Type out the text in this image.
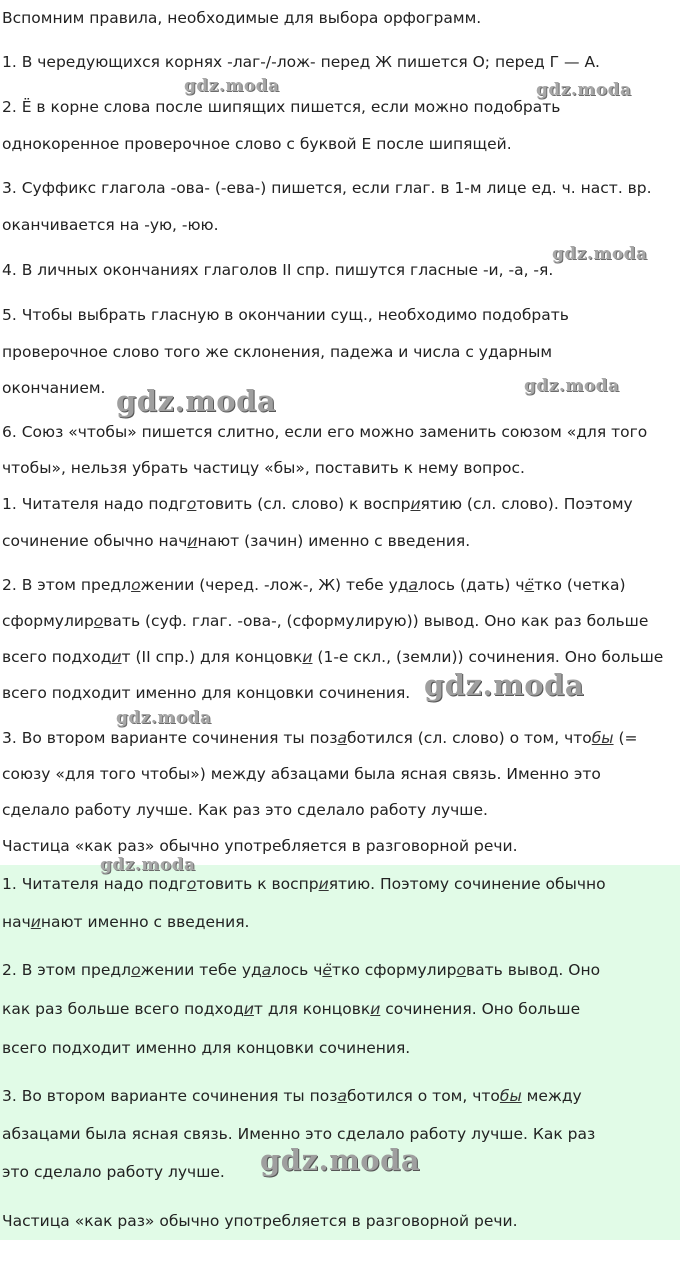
Вспомним правила, необходимые для выбора орфограмм.
1. В чередующихся корнях -лаг-/-лож- перед Ж пишется О; перед Г — А.
2. Ё в корне слова после шипящих пишется, если можно подобрать
однокоренное проверочное слово с буквой Е после шипящей.
3. Суффикс глагола -ова- (-ева-) пишется, если глаг. в 1-м лице ед. ч. наст. вр.
оканчивается на -ую, -юю.
4. В личных окончаниях глаголов II спр. пишутся гласные -и, -а, -я.
5. Чтобы выбрать гласную в окончании сущ., необходимо подобрать
проверочное слово того же склонения, падежа и числа с ударным
окончанием.
6. Союз «чтобы» пишется слитно, если его можно заменить союзом «для того
чтобы», нельзя убрать частицу «бы», поставить к нему вопрос.
1. Читателя надо подготовить (сл. слово) к восприятию (сл. слово). Поэтому
сочинение обычно начинают (зачин) именно с введения.
2. В этом предложении (черед. -лож-, Ж) тебе удалось (дать) чётко (четка)
сформулировать (суф. глаг. -ова-, (сформулирую)) вывод. Оно как раз больше
всего подходит (II спр.) для концовки (1-е скл., (земли)) сочинения. Оно больше
всего подходит именно для концовки сочинения.
3. Во втором варианте сочинения ты позаботился (сл. слово) о том, чтобы (=
союзу «для того чтобы») между абзацами была ясная связь. Именно это
сделало работу лучше. Как раз это сделало работу лучше.
Частица «как раз» обычно употребляется в разговорной речи.
1. Читателя надо подготовить к восприятию. Поэтому сочинение обычно
начинают именно с введения.
2. В этом предложении тебе удалось чётко сформулировать вывод. Оно
как раз больше всего подходит для концовки сочинения. Оно больше
всего подходит именно для концовки сочинения.
3. Во втором варианте сочинения ты позаботился о том, чтобы между
абзацами была ясная связь. Именно это сделало работу лучше. Как раз
это сделало работу лучше.
Частица «как раз» обычно употребляется в разговорной речи.
gdz.moda	gdz.moda
gdz.moda
gdz.moda
gdz.moda
gdz.moda
gdz.moda
gdz.moda
gdz.moda
